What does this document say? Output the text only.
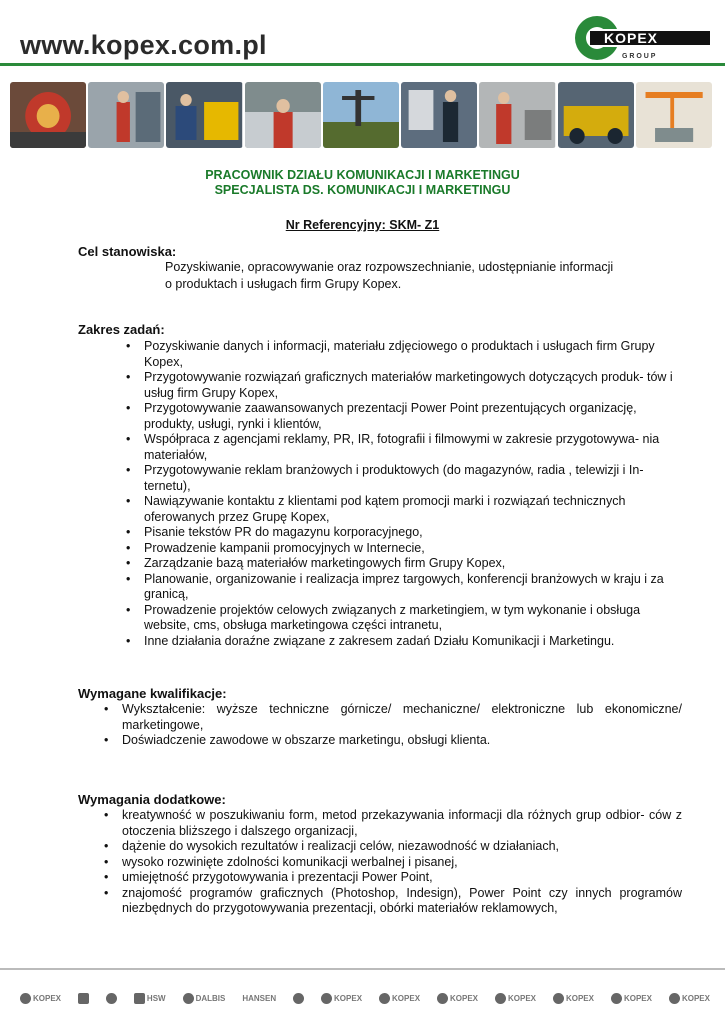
www.kopex.com.pl	KOPEX
G R O U P
PRACOWNIK DZIAŁU KOMUNIKACJI I MARKETINGU
SPECJALISTA DS. KOMUNIKACJI I MARKETINGU
Nr Referencyjny: SKM- Z1
Cel stanowiska:
Pozyskiwanie, opracowywanie oraz rozpowszechnianie, udostępnianie informacji
o produktach i usługach firm Grupy Kopex.
Zakres zadań:
• Pozyskiwanie danych i informacji, materiału zdjęciowego o produktach i usługach firm Grupy Kopex,
• Przygotowywanie rozwiązań graficznych materiałów marketingowych dotyczących produk- tów i usług firm Grupy Kopex,
• Przygotowywanie zaawansowanych prezentacji Power Point prezentujących organizację, produkty, usługi, rynki i klientów,
• Współpraca z agencjami reklamy, PR, IR, fotografii i filmowymi w zakresie przygotowywa- nia materiałów,
• Przygotowywanie reklam branżowych i produktowych (do magazynów, radia , telewizji i In- ternetu),
• Nawiązywanie kontaktu z klientami pod kątem promocji marki i rozwiązań technicznych oferowanych przez Grupę Kopex,
• Pisanie tekstów PR do magazynu korporacyjnego,
• Prowadzenie kampanii promocyjnych w Internecie,
• Zarządzanie bazą materiałów marketingowych firm Grupy Kopex,
• Planowanie, organizowanie i realizacja imprez targowych, konferencji branżowych w kraju i za granicą,
• Prowadzenie projektów celowych związanych z marketingiem, w tym wykonanie i obsługa website, cms, obsługa marketingowa części intranetu,
• Inne działania doraźne związane z zakresem zadań Działu Komunikacji i Marketingu.
Wymagane kwalifikacje:
• Wykształcenie: wyższe techniczne górnicze/ mechaniczne/ elektroniczne lub ekonomiczne/ marketingowe,
• Doświadczenie zawodowe w obszarze marketingu, obsługi klienta.
Wymagania dodatkowe:
• kreatywność w poszukiwaniu form, metod przekazywania informacji dla różnych grup odbior- ców z otoczenia bliższego i dalszego organizacji,
• dążenie do wysokich rezultatów i realizacji celów, niezawodność w działaniach,
• wysoko rozwinięte zdolności komunikacji werbalnej i pisanej,
• umiejętność przygotowywania i prezentacji Power Point,
• znajomość programów graficznych (Photoshop, Indesign), Power Point czy innych programów niezbędnych do przygotowywania prezentacji, obórki materiałów reklamowych,
KOPEX	HSW	DALBIS HANSEN	KOPEX	KOPEX	KOPEX	KOPEX	KOPEX	KOPEX	KOPEX
